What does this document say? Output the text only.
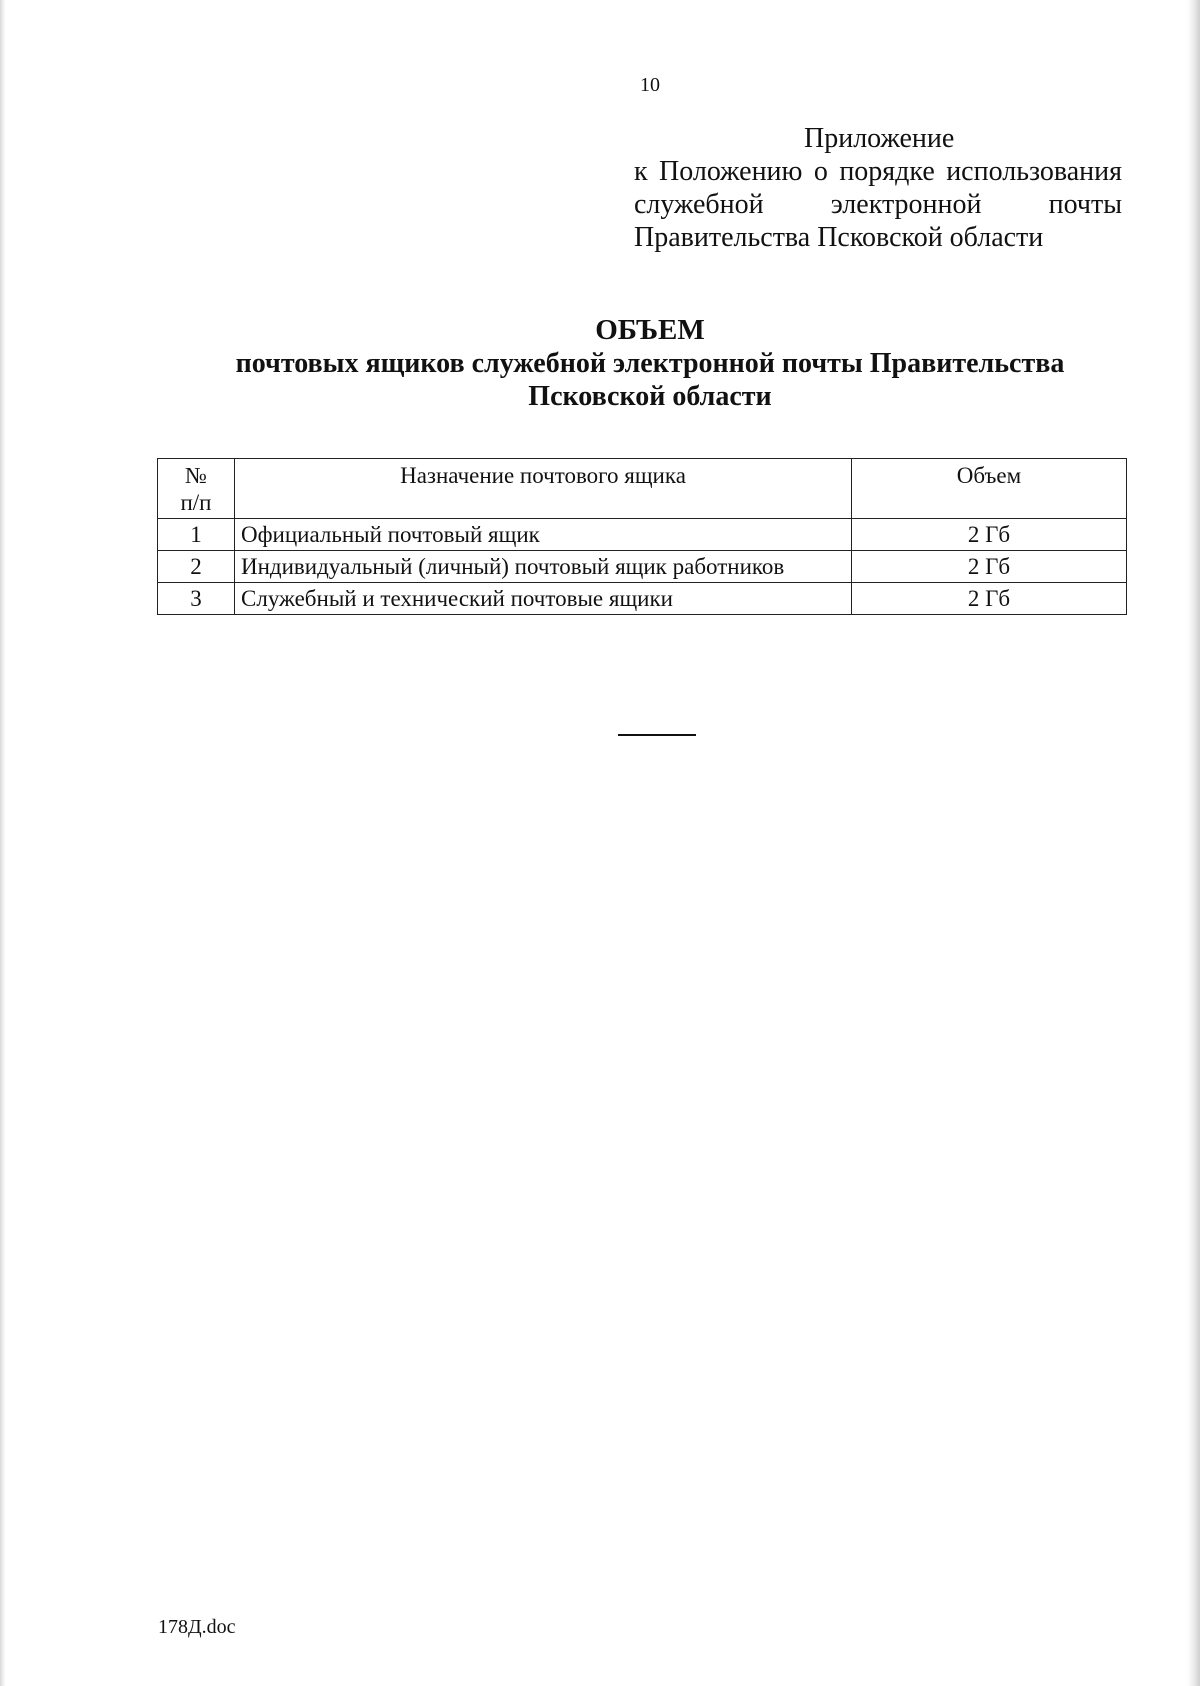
10
Приложение
к Положению о порядке использования служебной электронной почты Правительства Псковской области
ОБЪЕМ
почтовых ящиков служебной электронной почты Правительства
Псковской области
№
п/п	Назначение почтового ящика	Объем
1	Официальный почтовый ящик	2 Гб
2	Индивидуальный (личный) почтовый ящик работников	2 Гб
3	Служебный и технический почтовые ящики	2 Гб
178Д.doc
